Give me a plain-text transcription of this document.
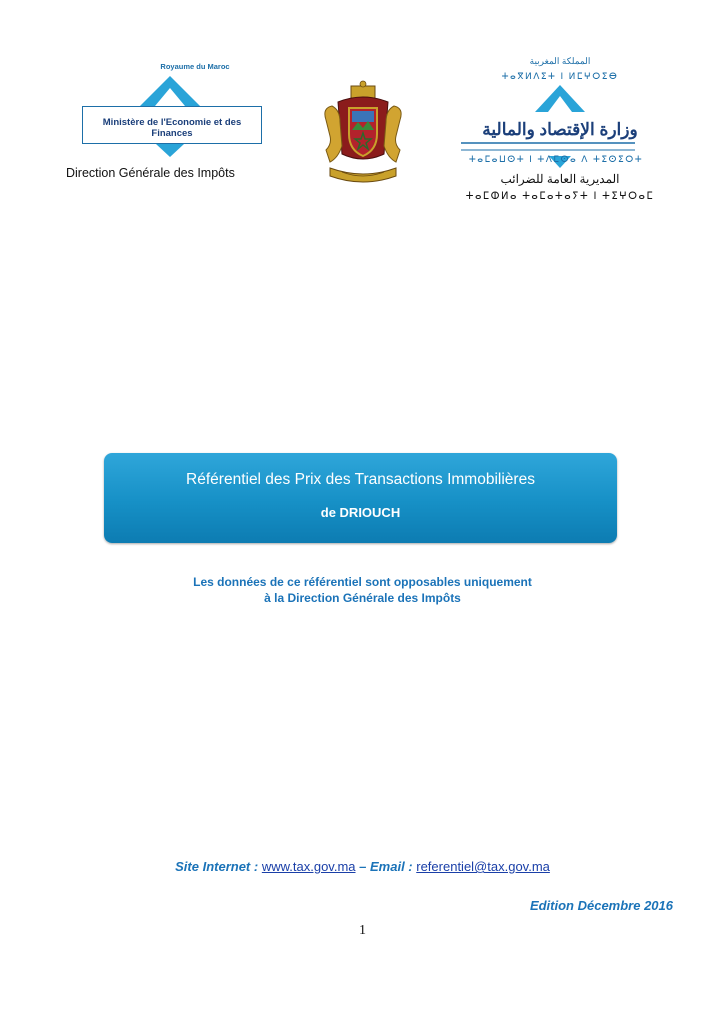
Royaume du Maroc
Ministère de l'Economie et des Finances
Direction Générale des Impôts
المملكة المغربية
ⵜⴰⴳⵍⴷⵉⵜ ⵏ ⵍⵎⵖⵔⵉⴱ
وزارة الإقتصاد والمالية
ⵜⴰⵎⴰⵡⵙⵜ ⵏ ⵜⴷⵎⵙⴰ ⴷ ⵜⵉⵙⵉⵔⵜ
المديرية العامة للضرائب
ⵜⴰⵎⵀⵍⴰ ⵜⴰⵎⴰⵜⴰⵢⵜ ⵏ ⵜⵉⵖⵔⴰⵎ
Référentiel des Prix des Transactions Immobilières
de DRIOUCH
Les données de ce référentiel sont opposables uniquement
à la Direction Générale des Impôts
Site Internet : www.tax.gov.ma – Email : referentiel@tax.gov.ma
Edition Décembre 2016
1
